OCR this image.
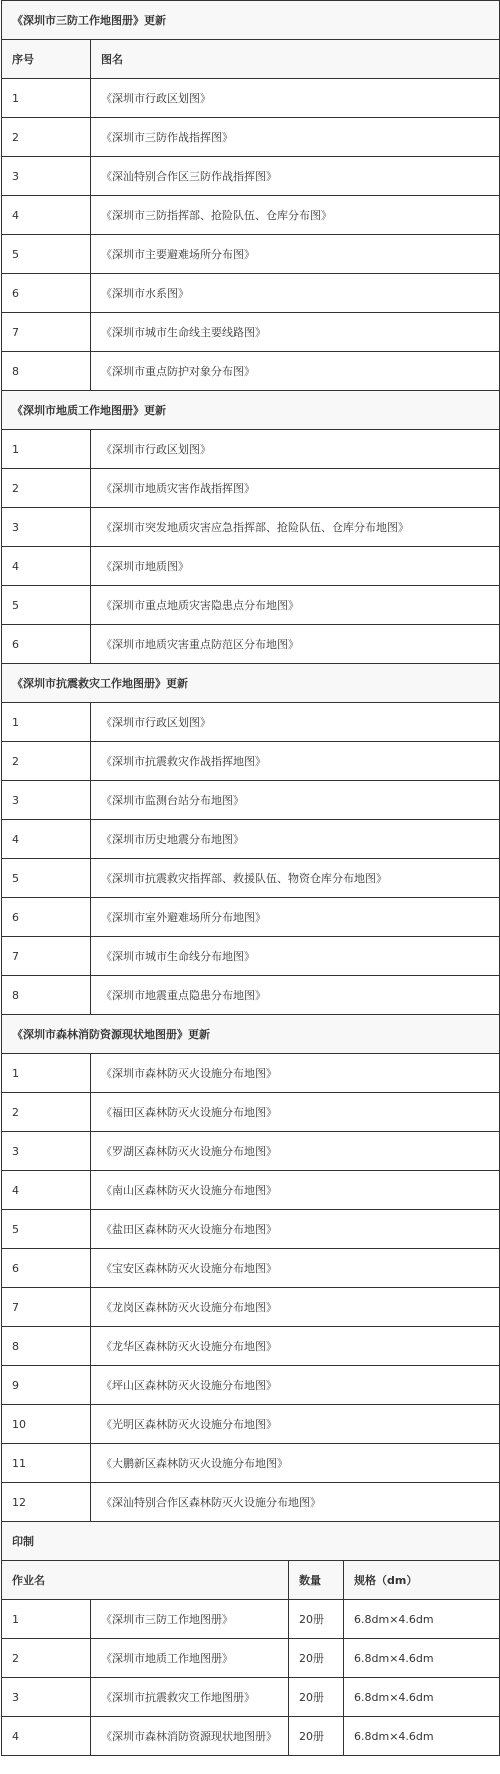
《深圳市三防工作地图册》更新			
序号	图名		
1	《深圳市行政区划图》		
2	《深圳市三防作战指挥图》		
3	《深汕特别合作区三防作战指挥图》		
4	《深圳市三防指挥部、抢险队伍、仓库分布图》		
5	《深圳市主要避难场所分布图》		
6	《深圳市水系图》		
7	《深圳市城市生命线主要线路图》		
8	《深圳市重点防护对象分布图》		
《深圳市地质工作地图册》更新			
1	《深圳市行政区划图》		
2	《深圳市地质灾害作战指挥图》		
3	《深圳市突发地质灾害应急指挥部、抢险队伍、仓库分布地图》		
4	《深圳市地质图》		
5	《深圳市重点地质灾害隐患点分布地图》		
6	《深圳市地质灾害重点防范区分布地图》		
《深圳市抗震救灾工作地图册》更新			
1	《深圳市行政区划图》		
2	《深圳市抗震救灾作战指挥地图》		
3	《深圳市监测台站分布地图》		
4	《深圳市历史地震分布地图》		
5	《深圳市抗震救灾指挥部、救援队伍、物资仓库分布地图》		
6	《深圳市室外避难场所分布地图》		
7	《深圳市城市生命线分布地图》		
8	《深圳市地震重点隐患分布地图》		
《深圳市森林消防资源现状地图册》更新			
1	《深圳市森林防灭火设施分布地图》		
2	《福田区森林防灭火设施分布地图》		
3	《罗湖区森林防灭火设施分布地图》		
4	《南山区森林防灭火设施分布地图》		
5	《盐田区森林防灭火设施分布地图》		
6	《宝安区森林防灭火设施分布地图》		
7	《龙岗区森林防灭火设施分布地图》		
8	《龙华区森林防灭火设施分布地图》		
9	《坪山区森林防灭火设施分布地图》		
10	《光明区森林防灭火设施分布地图》		
11	《大鹏新区森林防灭火设施分布地图》		
12	《深汕特别合作区森林防灭火设施分布地图》		
印制			
作业名		数量	规格（dm）
1	《深圳市三防工作地图册》	20册	6.8dm×4.6dm
2	《深圳市地质工作地图册》	20册	6.8dm×4.6dm
3	《深圳市抗震救灾工作地图册》	20册	6.8dm×4.6dm
4	《深圳市森林消防资源现状地图册》	20册	6.8dm×4.6dm
